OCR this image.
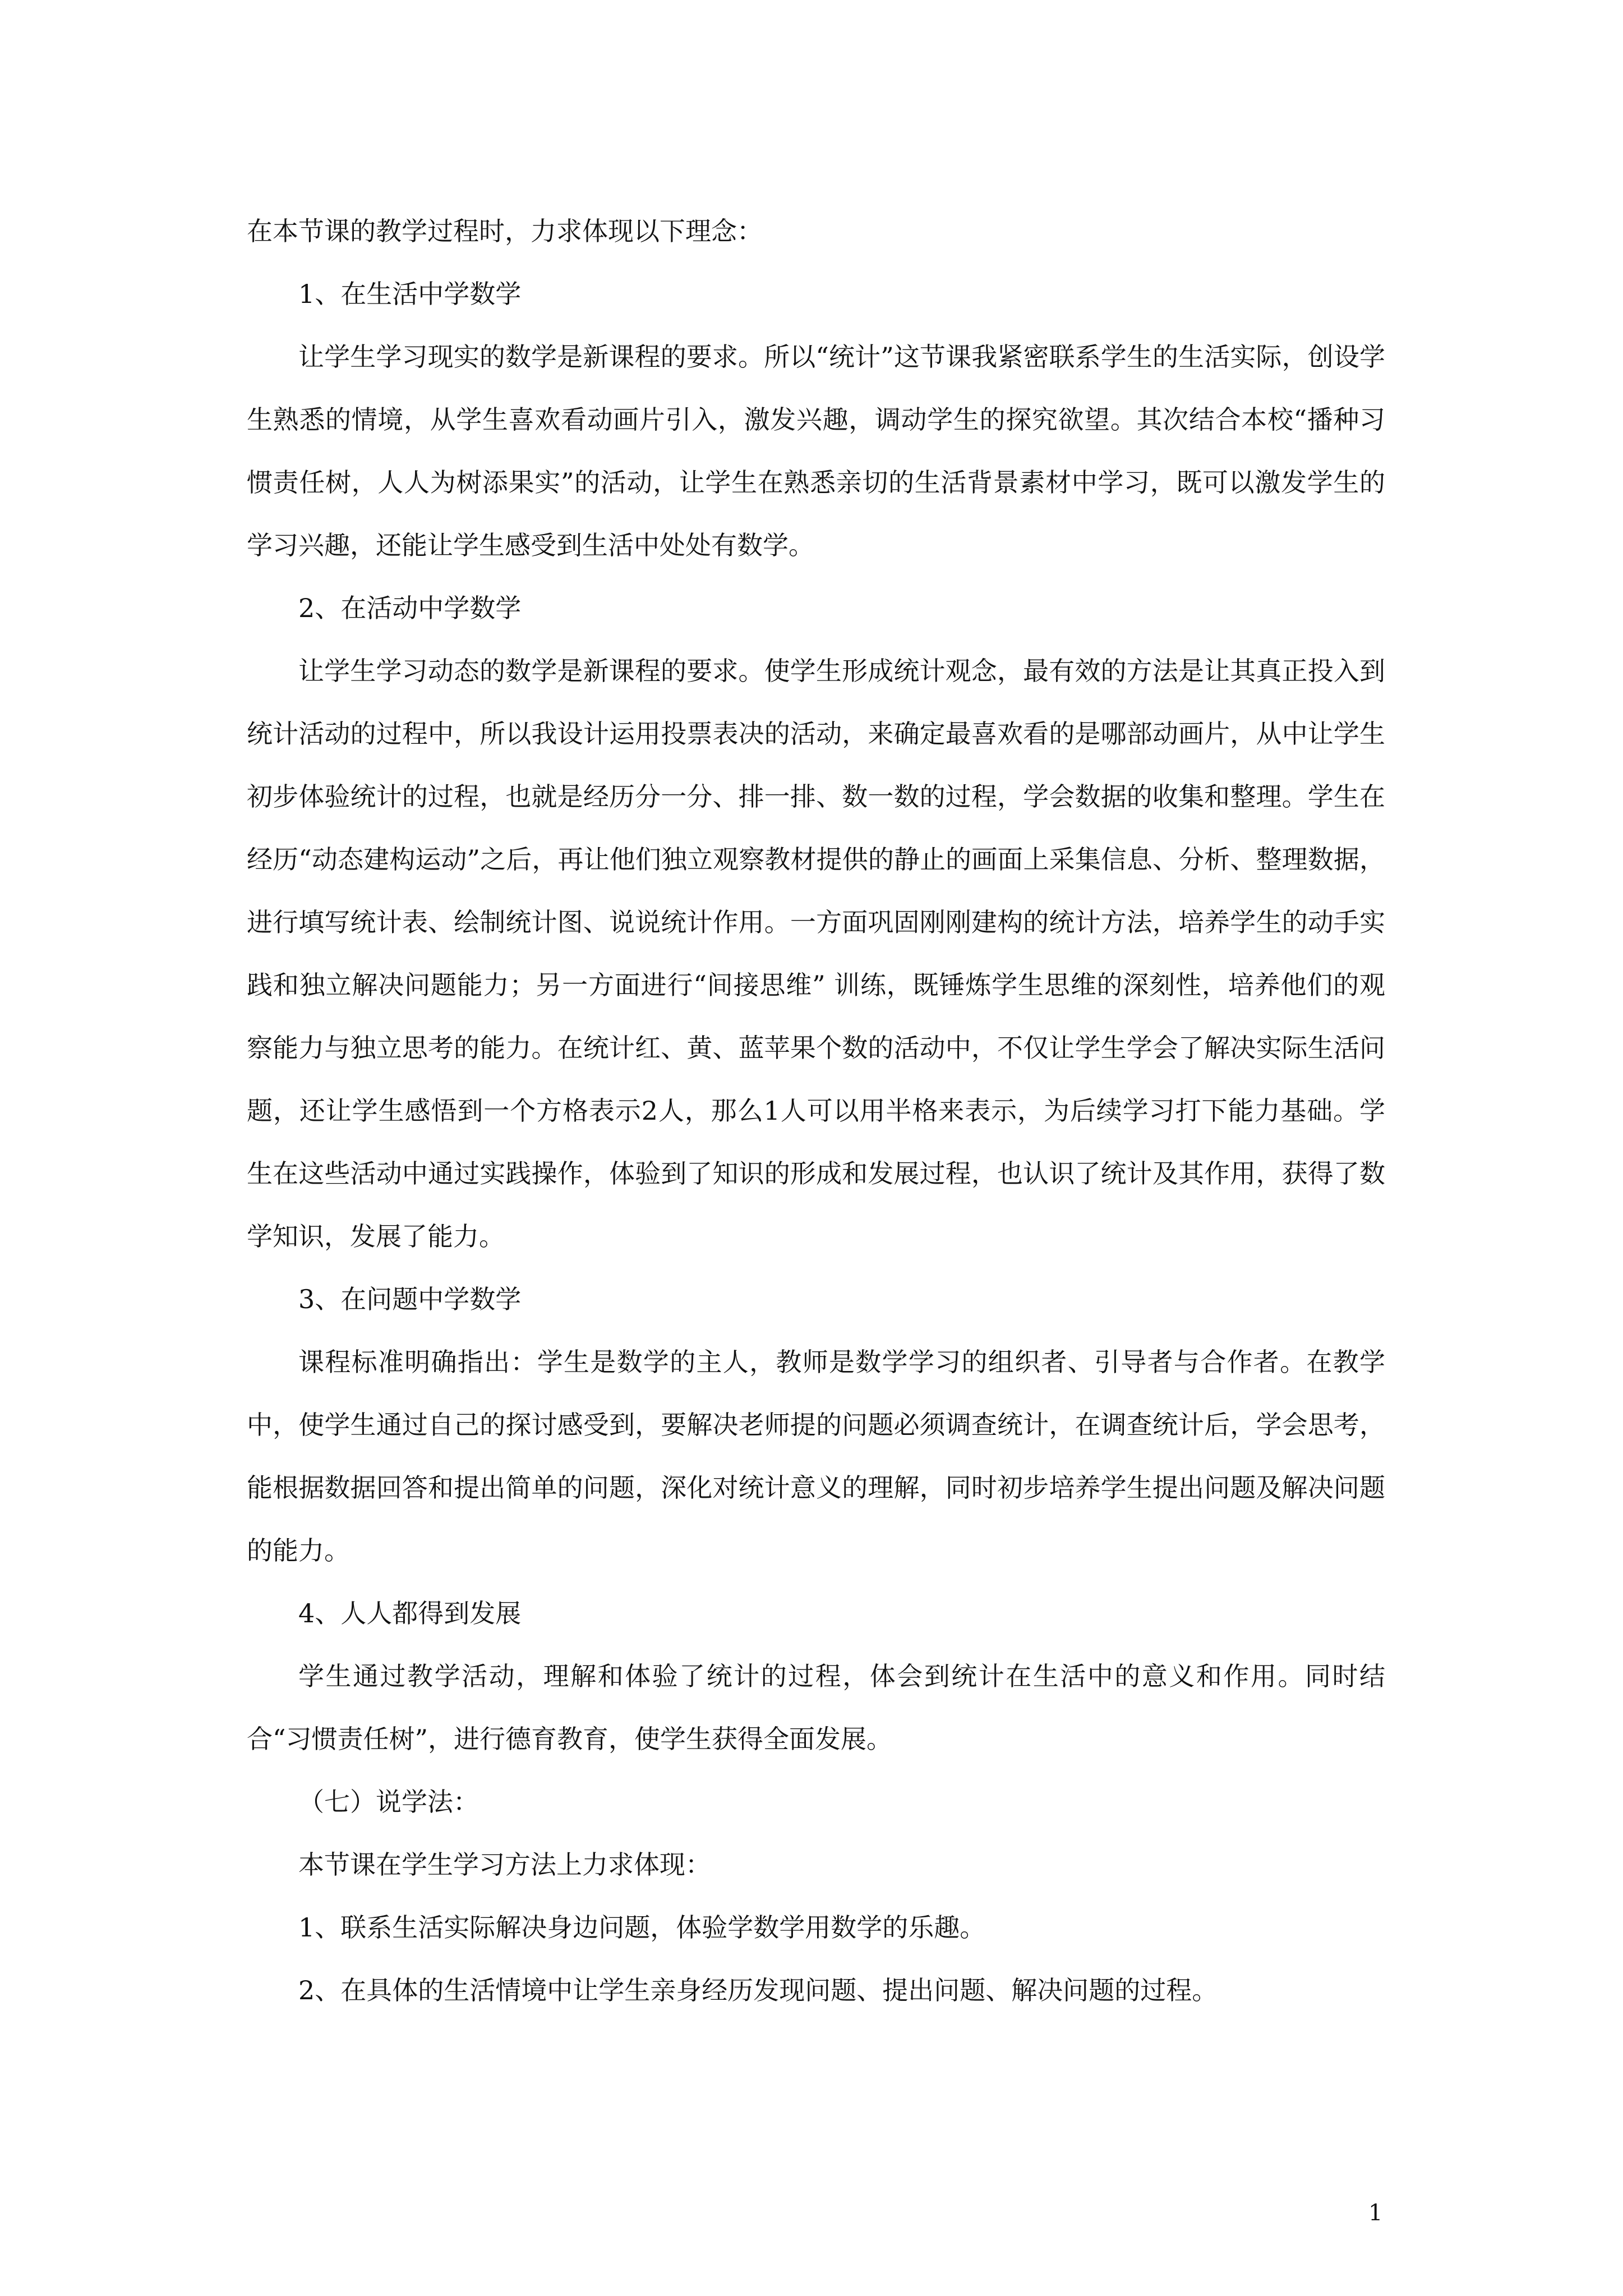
在本节课的教学过程时，力求体现以下理念：

1、在生活中学数学

让学生学习现实的数学是新课程的要求。所以“统计”这节课我紧密联系学生的生活实际，创设学生熟悉的情境，从学生喜欢看动画片引入，激发兴趣，调动学生的探究欲望。其次结合本校“播种习惯责任树，人人为树添果实”的活动，让学生在熟悉亲切的生活背景素材中学习，既可以激发学生的学习兴趣，还能让学生感受到生活中处处有数学。

2、在活动中学数学

让学生学习动态的数学是新课程的要求。使学生形成统计观念，最有效的方法是让其真正投入到统计活动的过程中，所以我设计运用投票表决的活动，来确定最喜欢看的是哪部动画片，从中让学生初步体验统计的过程，也就是经历分一分、排一排、数一数的过程，学会数据的收集和整理。学生在经历“动态建构运动”之后，再让他们独立观察教材提供的静止的画面上采集信息、分析、整理数据，进行填写统计表、绘制统计图、说说统计作用。一方面巩固刚刚建构的统计方法，培养学生的动手实践和独立解决问题能力；另一方面进行“间接思维” 训练，既锤炼学生思维的深刻性，培养他们的观察能力与独立思考的能力。在统计红、黄、蓝苹果个数的活动中，不仅让学生学会了解决实际生活问题，还让学生感悟到一个方格表示2人，那么1人可以用半格来表示，为后续学习打下能力基础。学生在这些活动中通过实践操作，体验到了知识的形成和发展过程，也认识了统计及其作用，获得了数学知识，发展了能力。

3、在问题中学数学

课程标准明确指出：学生是数学的主人，教师是数学学习的组织者、引导者与合作者。在教学中，使学生通过自己的探讨感受到，要解决老师提的问题必须调查统计，在调查统计后，学会思考，能根据数据回答和提出简单的问题，深化对统计意义的理解，同时初步培养学生提出问题及解决问题的能力。

4、人人都得到发展

学生通过教学活动，理解和体验了统计的过程，体会到统计在生活中的意义和作用。同时结合“习惯责任树”，进行德育教育，使学生获得全面发展。

（七）说学法：

本节课在学生学习方法上力求体现：

1、联系生活实际解决身边问题，体验学数学用数学的乐趣。

2、在具体的生活情境中让学生亲身经历发现问题、提出问题、解决问题的过程。

1
